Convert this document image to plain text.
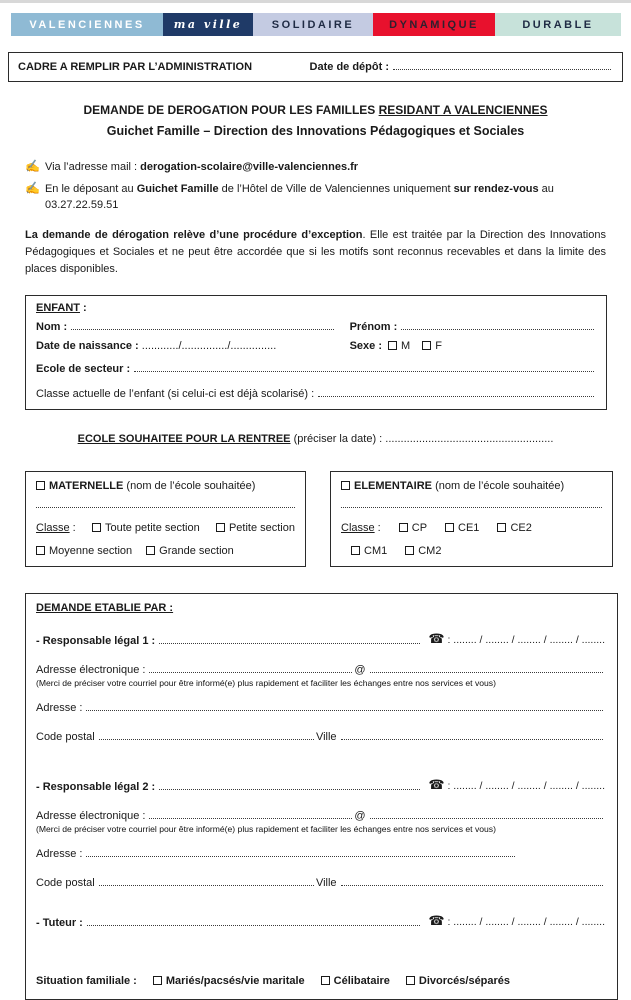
VALENCIENNES	ma ville	SOLIDAIRE	DYNAMIQUE	DURABLE
CADRE A REMPLIR PAR L’ADMINISTRATION	Date de dépôt :
DEMANDE DE DEROGATION POUR LES FAMILLES RESIDANT A VALENCIENNES
Guichet Famille – Direction des Innovations Pédagogiques et Sociales
✍ Via l’adresse mail : derogation-scolaire@ville-valenciennes.fr
✍ En le déposant au Guichet Famille de l’Hôtel de Ville de Valenciennes uniquement sur rendez-vous au 03.27.22.59.51
La demande de dérogation relève d’une procédure d’exception. Elle est traitée par la Direction des Innovations Pédagogiques et Sociales et ne peut être accordée que si les motifs sont reconnus recevables et dans la limite des places disponibles.
ENFANT :
Nom :	Prénom :
Date de naissance : ............/.............../...............	Sexe :	M	F
Ecole de secteur :
Classe actuelle de l’enfant (si celui-ci est déjà scolarisé) :
ECOLE SOUHAITEE POUR LA RENTREE (préciser la date) : .......................................................
MATERNELLE (nom de l’école souhaitée)
Classe :	Toute petite section	Petite section
Moyenne section	Grande section
ELEMENTAIRE (nom de l’école souhaitée)
Classe :	CP	CE1	CE2
CM1	CM2
DEMANDE ETABLIE PAR :
- Responsable légal 1 :	☎ : ........ / ........ / ........ / ........ / ........
Adresse électronique :	@
(Merci de préciser votre courriel pour être informé(e) plus rapidement et faciliter les échanges entre nos services et vous)
Adresse :
Code postal	Ville
- Responsable légal 2 :	☎ : ........ / ........ / ........ / ........ / ........
Adresse électronique :	@
(Merci de préciser votre courriel pour être informé(e) plus rapidement et faciliter les échanges entre nos services et vous)
Adresse :
Code postal	Ville
- Tuteur :	☎ : ........ / ........ / ........ / ........ / ........
Situation familiale :	Mariés/pacsés/vie maritale	Célibataire	Divorcés/séparés
